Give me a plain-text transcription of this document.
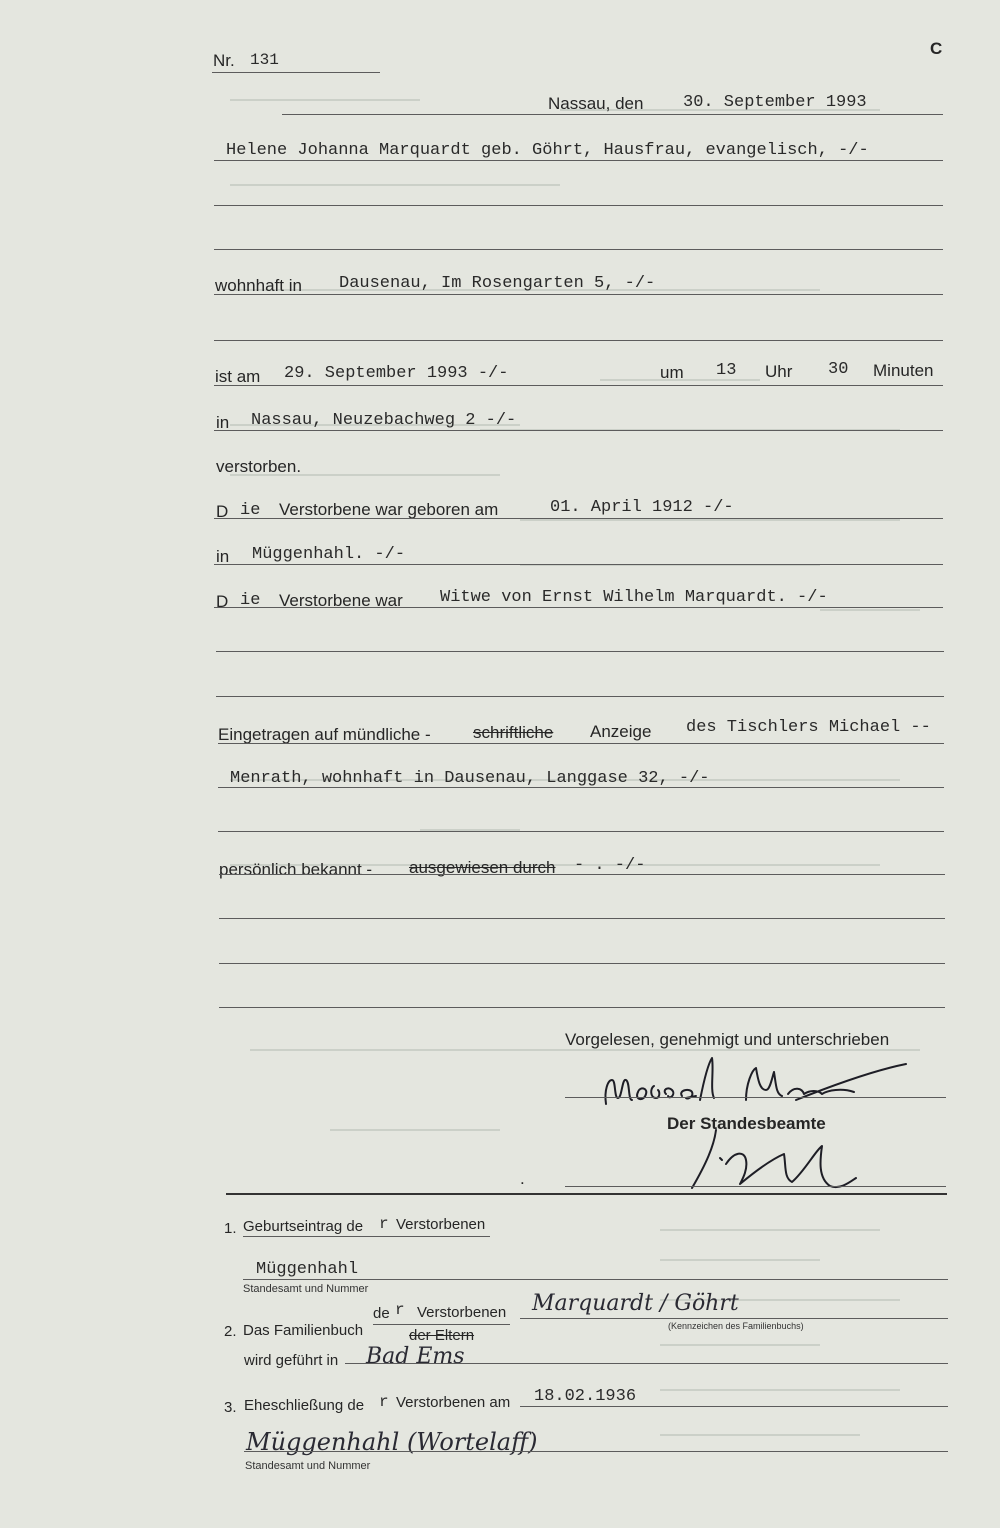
Nr. 131
C
Nassau, den 30. September 1993
Helene Johanna Marquardt geb. Göhrt, Hausfrau, evangelisch, -/-
wohnhaft in Dausenau, Im Rosengarten 5, -/-
ist am 29. September 1993 -/-	um 13 Uhr 30 Minuten
in Nassau, Neuzebachweg 2 -/-
verstorben.
D ie Verstorbene war geboren am	01. April 1912 -/-
in Müggenhahl. -/-
D ie Verstorbene war Witwe von Ernst Wilhelm Marquardt. -/-
Eingetragen auf mündliche - schriftliche Anzeige des Tischlers Michael --
Menrath, wohnhaft in Dausenau, Langgase 32, -/-
persönlich bekannt - ausgewiesen durch - . -/-
Vorgelesen, genehmigt und unterschrieben
Der Standesbeamte
.
1. Geburtseintrag de r Verstorbenen
Müggenhahl
Standesamt und Nummer
2. Das Familienbuch
de r Verstorbenen
der Eltern
Marquardt / Göhrt
(Kennzeichen des Familienbuchs)
wird geführt in Bad Ems
3. Eheschließung de r Verstorbenen am 18.02.1936
Müggenhahl (Wortelaff)
Standesamt und Nummer
